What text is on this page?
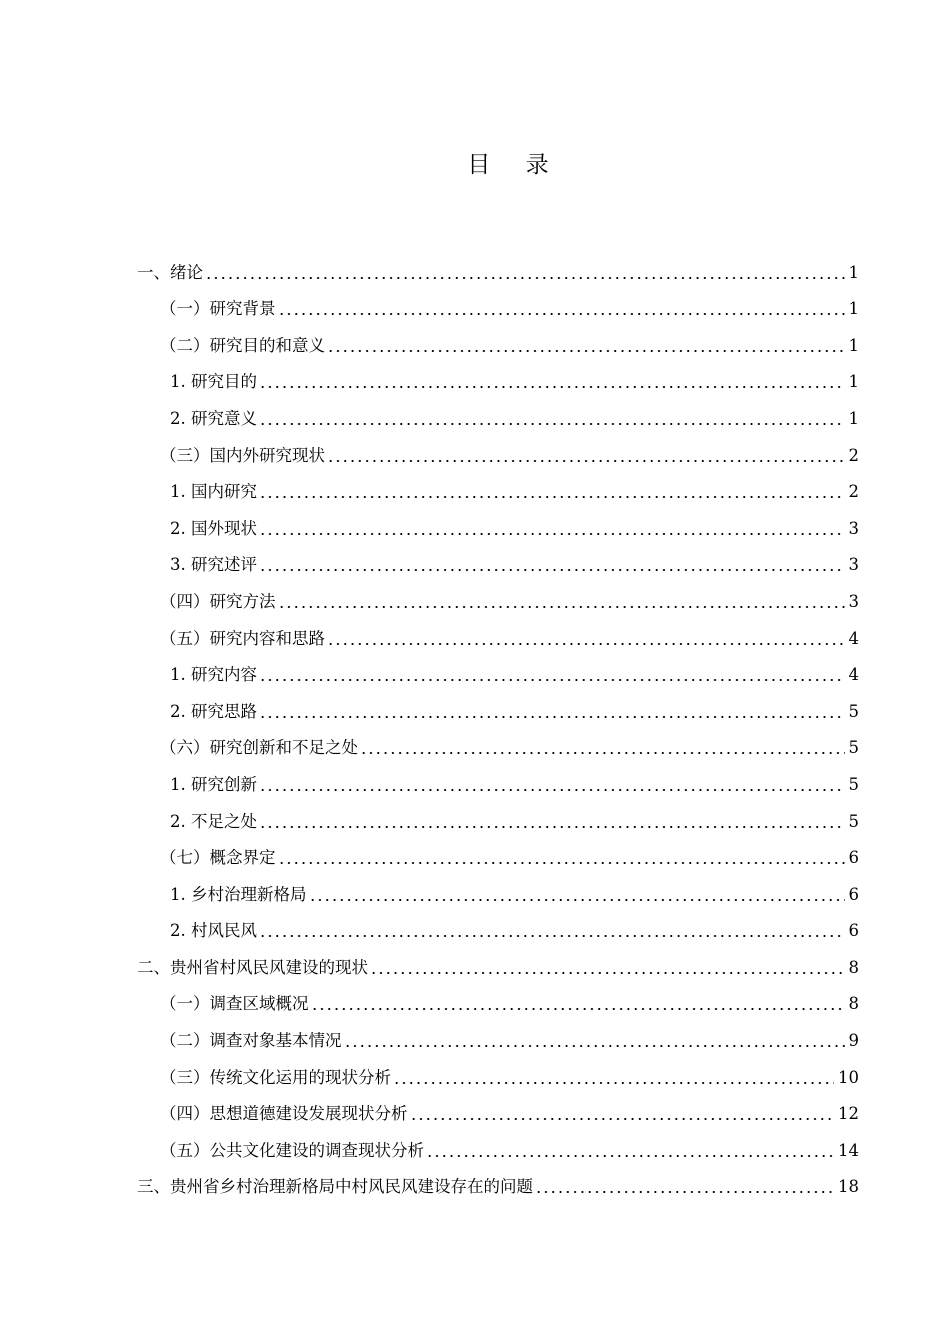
目 录
一、绪论	1
（一）研究背景	1
（二）研究目的和意义	1
1. 研究目的	1
2. 研究意义	1
（三）国内外研究现状	2
1. 国内研究	2
2. 国外现状	3
3. 研究述评	3
（四）研究方法	3
（五）研究内容和思路	4
1. 研究内容	4
2. 研究思路	5
（六）研究创新和不足之处	5
1. 研究创新	5
2. 不足之处	5
（七）概念界定	6
1. 乡村治理新格局	6
2. 村风民风	6
二、贵州省村风民风建设的现状	8
（一）调查区域概况	8
（二）调查对象基本情况	9
（三）传统文化运用的现状分析	10
（四）思想道德建设发展现状分析	12
（五）公共文化建设的调查现状分析	14
三、贵州省乡村治理新格局中村风民风建设存在的问题	18
